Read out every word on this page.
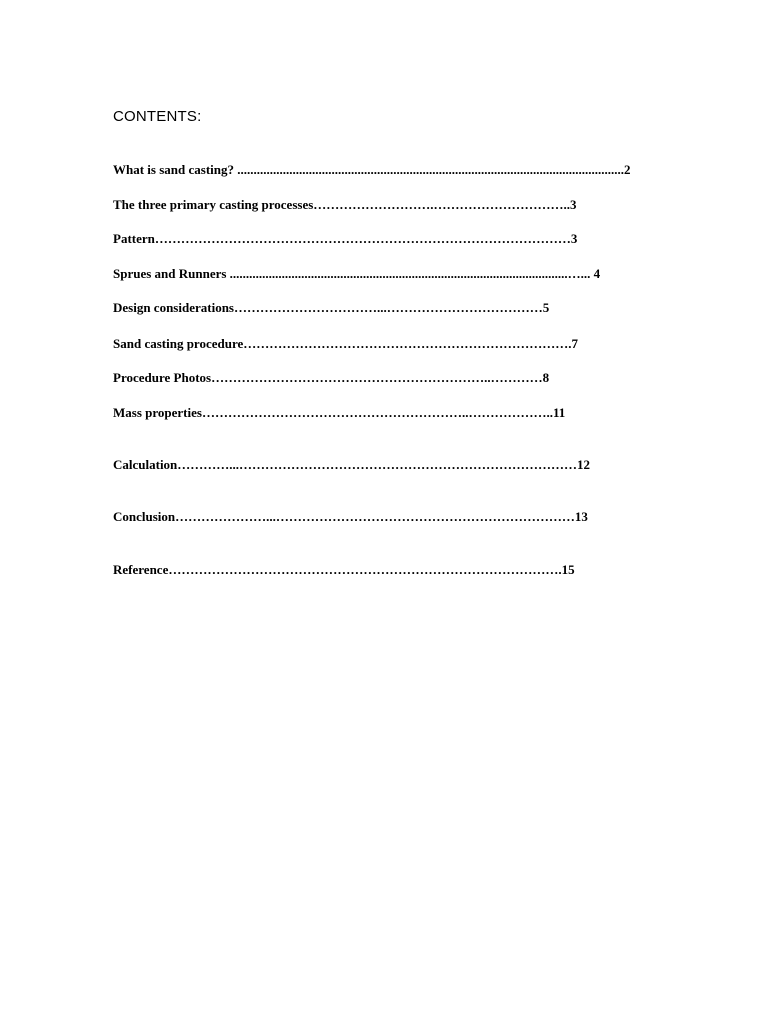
CONTENTS:
What is sand casting? .......................................................................................................................2
The three primary casting processes……………………….…………………………..3
Pattern……………………………………………………………………………………3
Sprues and Runners ........................................................................................................…... 4
Design considerations……………………………...………………………………5
Sand casting procedure………………………………………………………………….7
Procedure Photos………………………………………………………..…………8
Mass properties……………………………………………………..………………..11
Calculation…………...……………………………………………………………………12
Conclusion…………………...……………………………………………………………13
Reference……………………………………………………………………………….15
